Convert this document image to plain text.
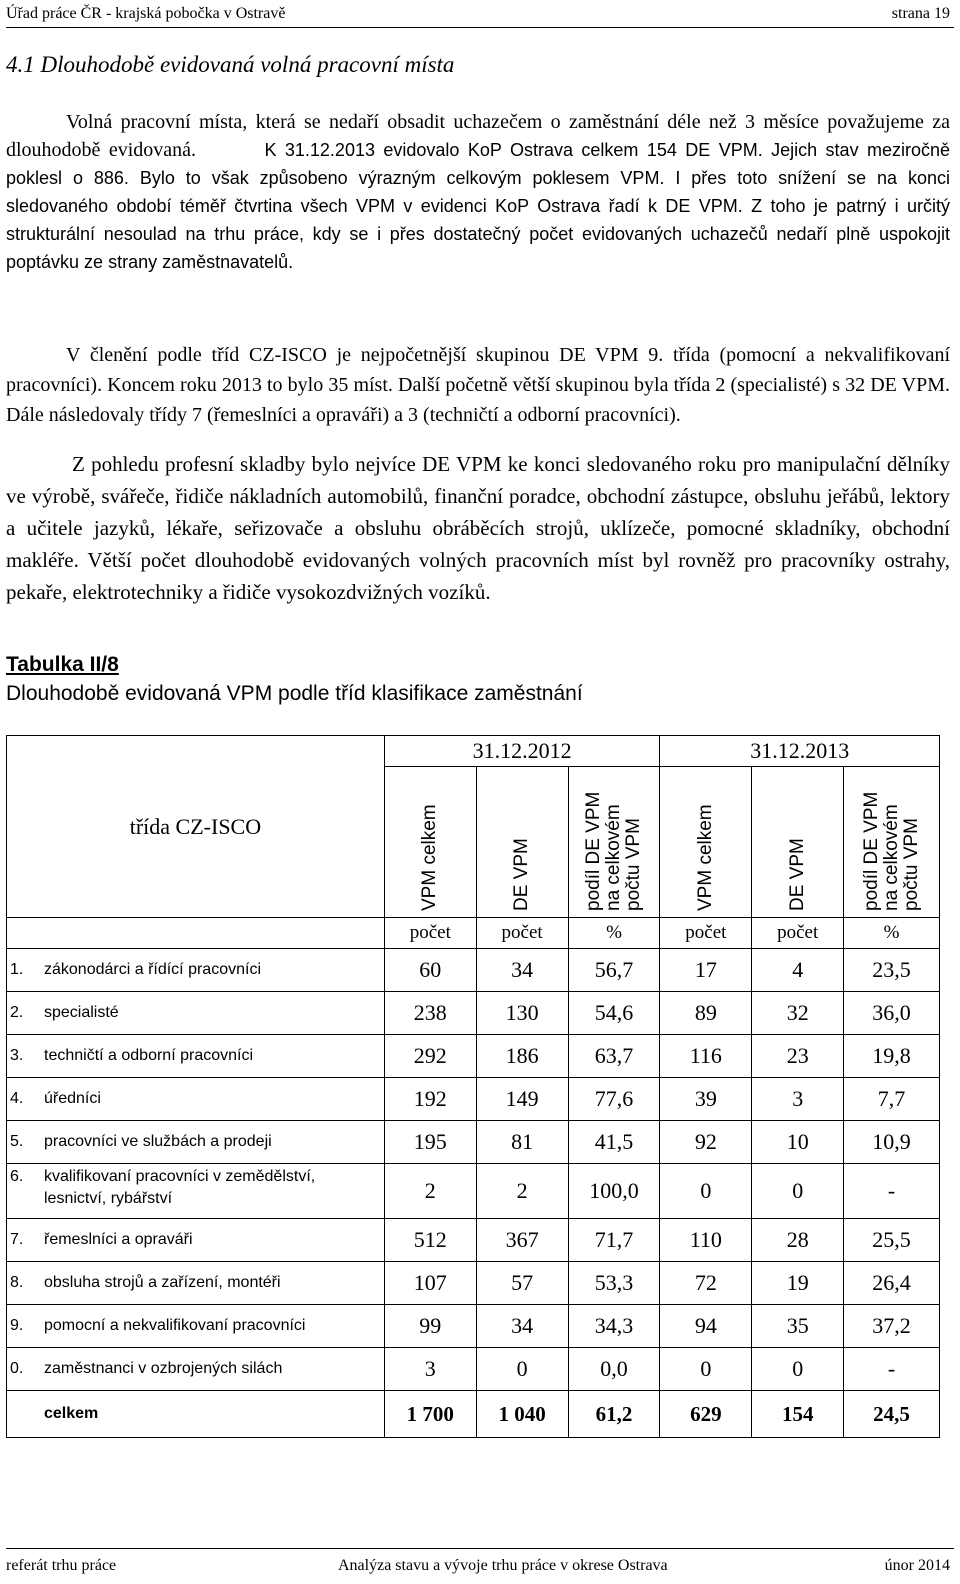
Úřad práce ČR - krajská pobočka v Ostravě	strana 19
4.1 Dlouhodobě evidovaná volná pracovní místa
Volná pracovní místa, která se nedaří obsadit uchazečem o zaměstnání déle než 3 měsíce považujeme za dlouhodobě evidovaná.	K 31.12.2013 evidovalo KoP Ostrava celkem 154 DE VPM. Jejich stav meziročně poklesl o 886. Bylo to však způsobeno výrazným celkovým poklesem VPM. I přes toto snížení se na konci sledovaného období téměř čtvrtina všech VPM v evidenci KoP Ostrava řadí k DE VPM. Z toho je patrný i určitý strukturální nesoulad na trhu práce, kdy se i přes dostatečný počet evidovaných uchazečů nedaří plně uspokojit poptávku ze strany zaměstnavatelů.
V členění podle tříd CZ-ISCO je nejpočetnější skupinou DE VPM 9. třída (pomocní a nekvalifikovaní pracovníci). Koncem roku 2013 to bylo 35 míst. Další početně větší skupinou byla třída 2 (specialisté) s 32 DE VPM. Dále následovaly třídy 7 (řemeslníci a opraváři) a 3 (techničtí a odborní pracovníci).
Z pohledu profesní skladby bylo nejvíce DE VPM ke konci sledovaného roku pro manipulační dělníky ve výrobě, svářeče, řidiče nákladních automobilů, finanční poradce, obchodní zástupce, obsluhu jeřábů, lektory a učitele jazyků, lékaře, seřizovače a obsluhu obráběcích strojů, uklízeče, pomocné skladníky, obchodní makléře. Větší počet dlouhodobě evidovaných volných pracovních míst byl rovněž pro pracovníky ostrahy, pekaře, elektrotechniky a řidiče vysokozdvižných vozíků.
Tabulka II/8
Dlouhodobě evidovaná VPM podle tříd klasifikace zaměstnání
třída CZ-ISCO	31.12.2012			31.12.2013		

	VPM celkem	DE VPM	podíl DE VPM
na celkovém
počtu VPM	VPM celkem	DE VPM	podíl DE VPM
na celkovém
počtu VPM

	počet	počet	%	počet	počet	%
1. zákonodárci a řídící pracovníci	60	34	56,7	17	4	23,5
2. specialisté	238	130	54,6	89	32	36,0
3. techničtí a odborní pracovníci	292	186	63,7	116	23	19,8
4. úředníci	192	149	77,6	39	3	7,7
5. pracovníci ve službách a prodeji	195	81	41,5	92	10	10,9
6. kvalifikovaní pracovníci v zemědělství, lesnictví, rybářství	2	2	100,0	0	0	-
7. řemeslníci a opraváři	512	367	71,7	110	28	25,5
8. obsluha strojů a zařízení, montéři	107	57	53,3	72	19	26,4
9. pomocní a nekvalifikovaní pracovníci	99	34	34,3	94	35	37,2
0. zaměstnanci v ozbrojených silách	3	0	0,0	0	0	-
celkem	1 700	1 040	61,2	629	154	24,5
referát trhu práce	Analýza stavu a vývoje trhu práce v okrese Ostrava	únor 2014
